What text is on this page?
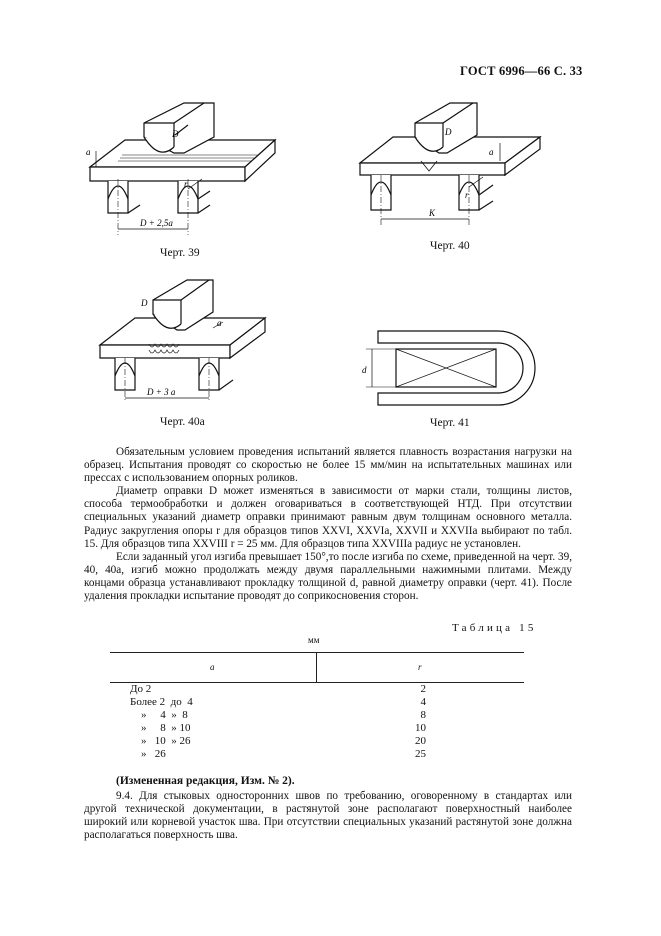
ГОСТ 6996—66 С. 33
a
D
r
D + 2,5a
Черт. 39
D
a
r
K
Черт. 40
D
a
D + 3 a
Черт. 40а
d
Черт. 41

Обязательным условием проведения испытаний является плавность возрастания нагрузки на образец. Испытания проводят со скоростью не более 15 мм/мин на испытательных машинах или прессах с использованием опорных роликов.

Диаметр оправки D может изменяться в зависимости от марки стали, толщины листов, способа термообработки и должен оговариваться в соответствующей НТД. При отсутствии специальных указаний диаметр оправки принимают равным двум толщинам основного металла. Радиус закругления опоры r для образцов типов XXVI, XXVIa, XXVII и XXVIIa выбирают по табл. 15. Для образцов типа XXVIII r = 25 мм. Для образцов типа XXVIIIa радиус не установлен.

Если заданный угол изгиба превышает 150°,то после изгиба по схеме, приведенной на черт. 39, 40, 40а, изгиб можно продолжать между двумя параллельными нажимными плитами. Между концами образца устанавливают прокладку толщиной d, равной диаметру оправки (черт. 41). После удаления прокладки испытание проводят до соприкосновения сторон.

Таблица 15
мм
a	r
До 2	2
Более 2  до  4	4
»     4  »  8	8
»     8  » 10	10
»   10  » 26	20
»   26	25
(Измененная редакция, Изм. № 2).

9.4. Для стыковых односторонних швов по требованию, оговоренному в стандартах или другой технической документации, в растянутой зоне располагают поверхностный наиболее широкий или корневой участок шва. При отсутствии специальных указаний растянутой зоне должна располагаться поверхность шва.
